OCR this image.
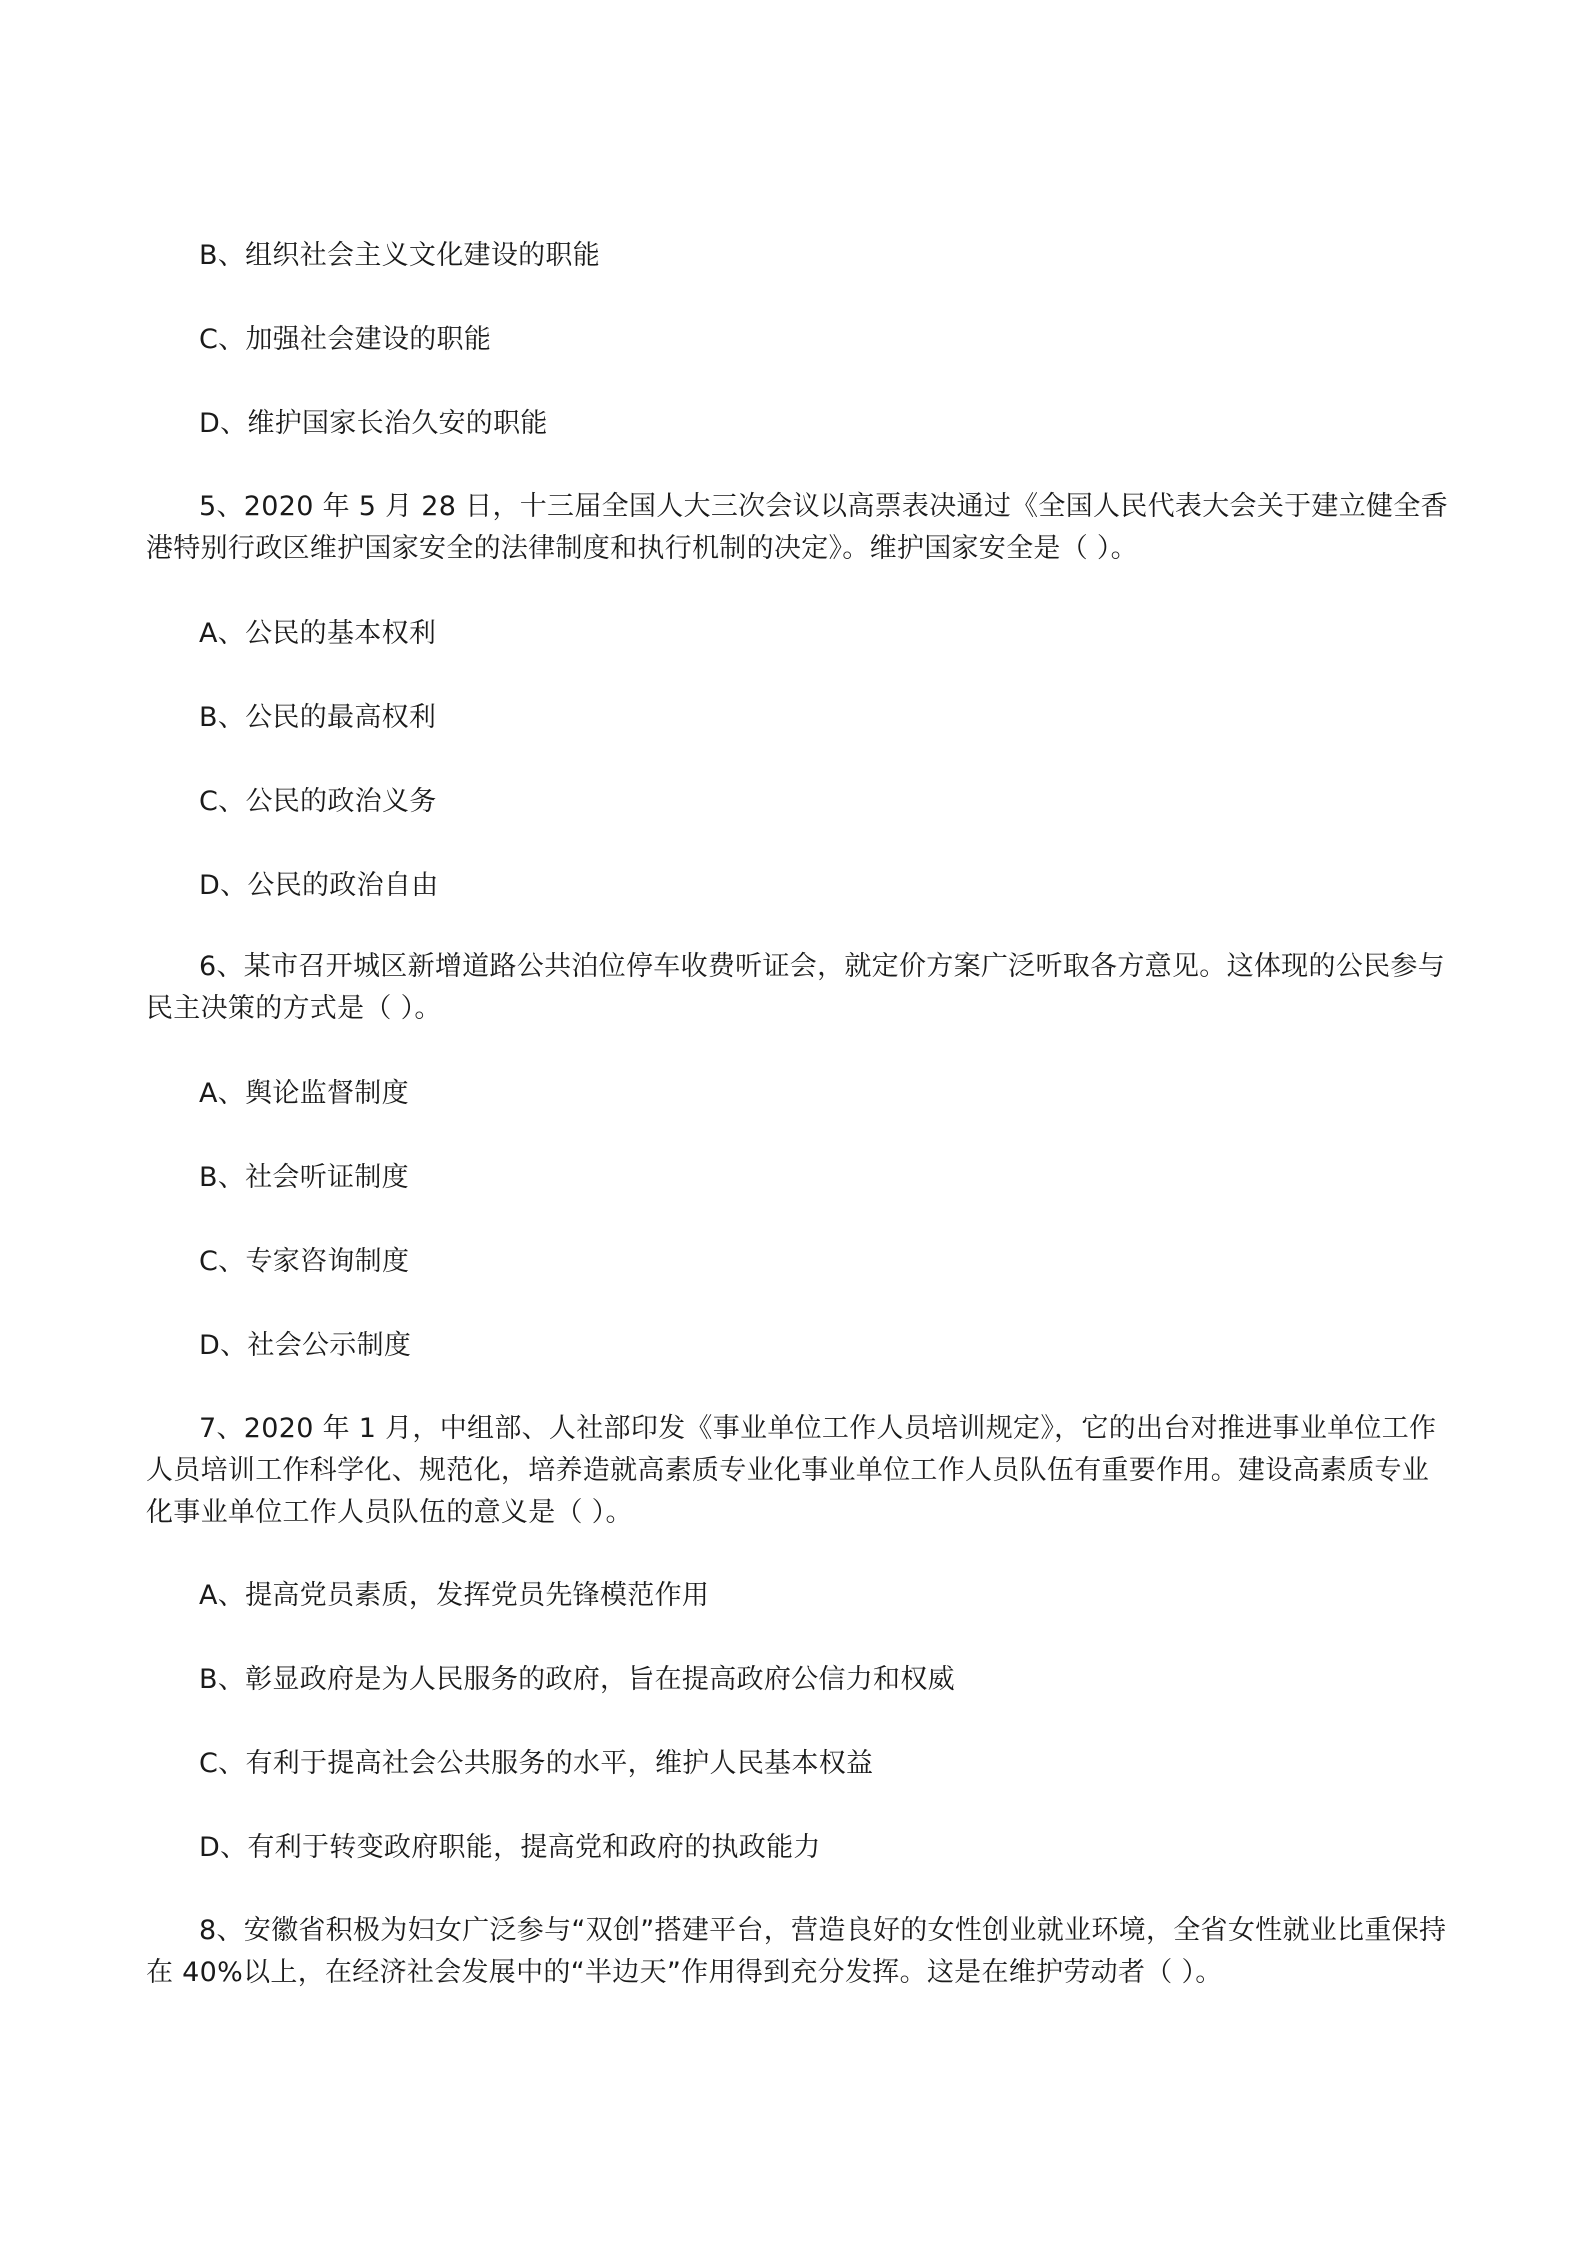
B、组织社会主义文化建设的职能
C、加强社会建设的职能
D、维护国家长治久安的职能
5、2020 年 5 月 28 日，十三届全国人大三次会议以高票表决通过《全国人民代表大会关于建立健全香港特别行政区维护国家安全的法律制度和执行机制的决定》。维护国家安全是（ ）。
A、公民的基本权利
B、公民的最高权利
C、公民的政治义务
D、公民的政治自由
6、某市召开城区新增道路公共泊位停车收费听证会，就定价方案广泛听取各方意见。这体现的公民参与民主决策的方式是（ ）。
A、舆论监督制度
B、社会听证制度
C、专家咨询制度
D、社会公示制度
7、2020 年 1 月，中组部、人社部印发《事业单位工作人员培训规定》，它的出台对推进事业单位工作人员培训工作科学化、规范化，培养造就高素质专业化事业单位工作人员队伍有重要作用。建设高素质专业化事业单位工作人员队伍的意义是（ ）。
A、提高党员素质，发挥党员先锋模范作用
B、彰显政府是为人民服务的政府，旨在提高政府公信力和权威
C、有利于提高社会公共服务的水平，维护人民基本权益
D、有利于转变政府职能，提高党和政府的执政能力
8、安徽省积极为妇女广泛参与“双创”搭建平台，营造良好的女性创业就业环境，全省女性就业比重保持在 40%以上，在经济社会发展中的“半边天”作用得到充分发挥。这是在维护劳动者（ ）。
